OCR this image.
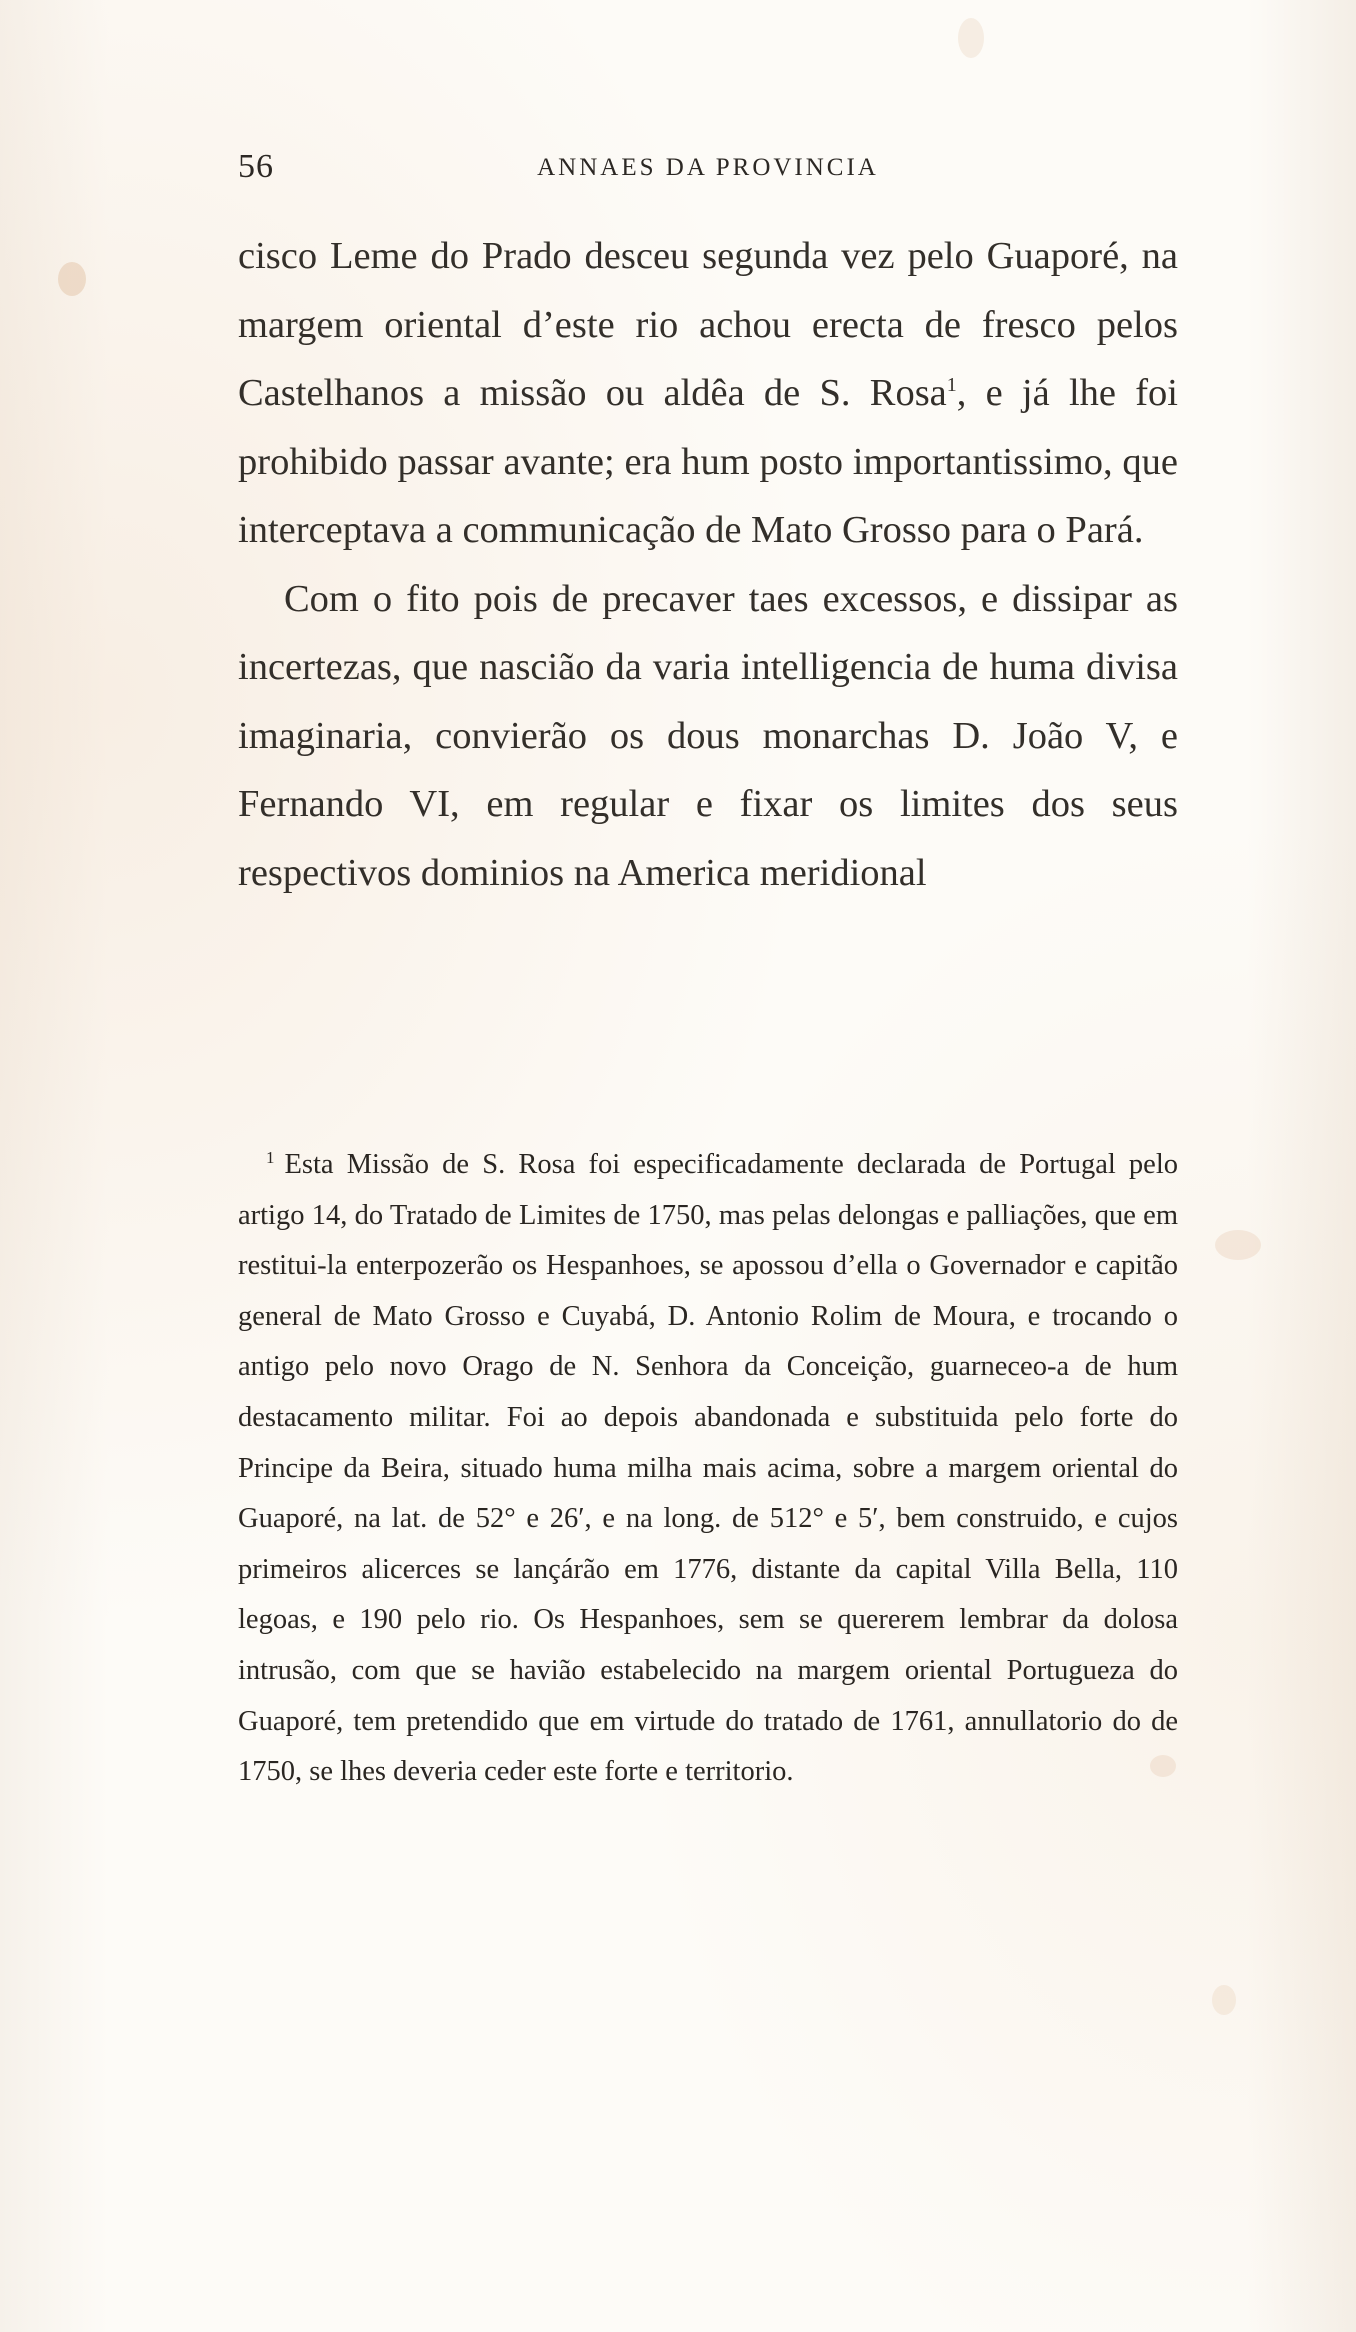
56	ANNAES DA PROVINCIA

cisco Leme do Prado desceu segunda vez pelo Guaporé, na margem oriental d’este rio achou erecta de fresco pelos Castelhanos a missão ou aldêa de S. Rosa$^1$, e já lhe foi prohibido passar avante; era hum posto importantissimo, que interceptava a communicação de Mato Grosso para o Pará.

Com o fito pois de precaver taes excessos, e dissipar as incertezas, que nascião da varia intelligencia de huma divisa imaginaria, convierão os dous monarchas D. João V, e Fernando VI, em regular e fixar os limites dos seus respectivos dominios na America meridional

$^1$ Esta Missão de S. Rosa foi especificadamente declarada de Portugal pelo artigo 14, do Tratado de Limites de 1750, mas pelas delongas e palliações, que em restitui-la enterpozerão os Hespanhoes, se apossou d’ella o Governador e capitão general de Mato Grosso e Cuyabá, D. Antonio Rolim de Moura, e trocando o antigo pelo novo Orago de N. Senhora da Conceição, guarneceo-a de hum destacamento militar. Foi ao depois abandonada e substituida pelo forte do Principe da Beira, situado huma milha mais acima, sobre a margem oriental do Guaporé, na lat. de 52° e 26′, e na long. de 512° e 5′, bem construido, e cujos primeiros alicerces se lançárão em 1776, distante da capital Villa Bella, 110 legoas, e 190 pelo rio. Os Hespanhoes, sem se quererem lembrar da dolosa intrusão, com que se havião estabelecido na margem oriental Portugueza do Guaporé, tem pretendido que em virtude do tratado de 1761, annullatorio do de 1750, se lhes deveria ceder este forte e territorio.
